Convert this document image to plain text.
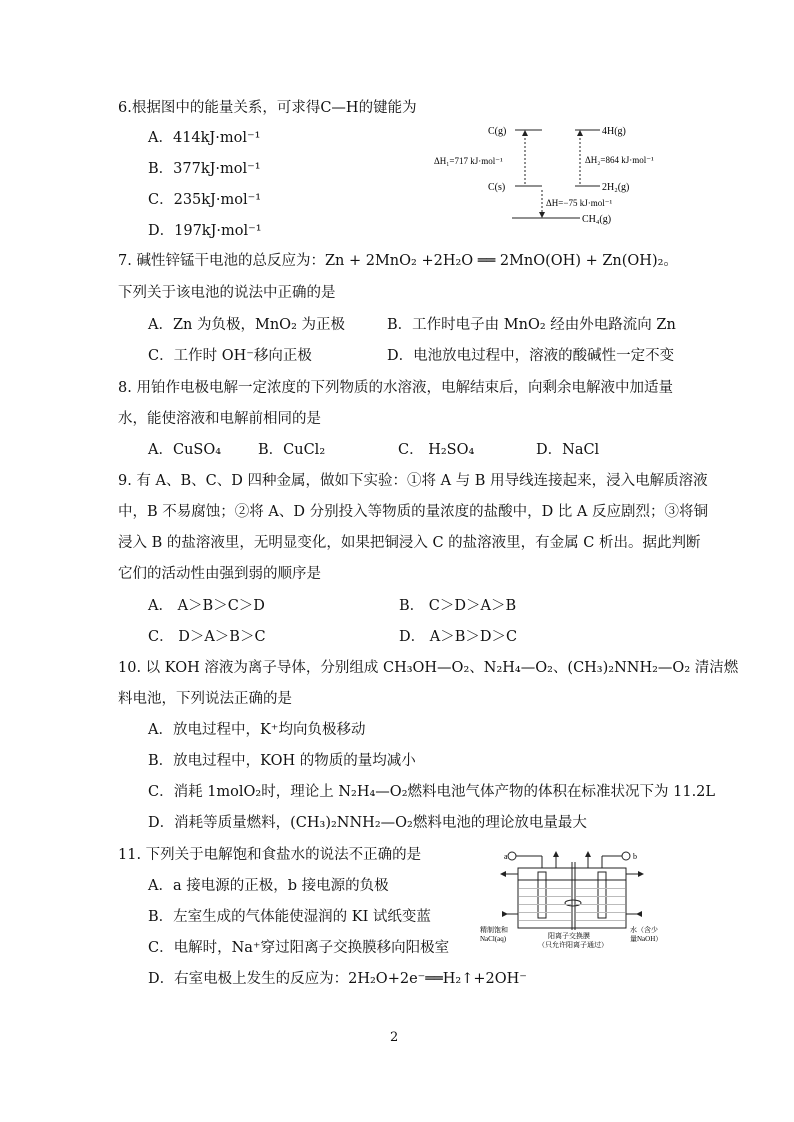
6.根据图中的能量关系，可求得C—H的键能为
A．414kJ·mol⁻¹
B．377kJ·mol⁻¹
C．235kJ·mol⁻¹
D．197kJ·mol⁻¹
C(g)	4H(g)
C(s)	2H₂(g)
CH₄(g)
ΔH₁=717 kJ·mol⁻¹	ΔH₂=864 kJ·mol⁻¹
ΔH=−75 kJ·mol⁻¹
7. 碱性锌锰干电池的总反应为：Zn + 2MnO₂ +2H₂O ══ 2MnO(OH) + Zn(OH)₂。
下列关于该电池的说法中正确的是
A．Zn 为负极，MnO₂ 为正极	B．工作时电子由 MnO₂ 经由外电路流向 Zn
C．工作时 OH⁻移向正极	D．电池放电过程中，溶液的酸碱性一定不变
8. 用铂作电极电解一定浓度的下列物质的水溶液，电解结束后，向剩余电解液中加适量
水，能使溶液和电解前相同的是
A．CuSO₄	B．CuCl₂	C． H₂SO₄	D．NaCl
9. 有 A、B、C、D 四种金属，做如下实验：①将 A 与 B 用导线连接起来，浸入电解质溶液
中，B 不易腐蚀；②将 A、D 分别投入等物质的量浓度的盐酸中，D 比 A 反应剧烈；③将铜
浸入 B 的盐溶液里，无明显变化，如果把铜浸入 C 的盐溶液里，有金属 C 析出。据此判断
它们的活动性由强到弱的顺序是
A． A＞B＞C＞D	B． C＞D＞A＞B
C． D＞A＞B＞C	D． A＞B＞D＞C
10. 以 KOH 溶液为离子导体，分别组成 CH₃OH—O₂、N₂H₄—O₂、(CH₃)₂NNH₂—O₂ 清洁燃
料电池，下列说法正确的是
A．放电过程中，K⁺均向负极移动
B．放电过程中，KOH 的物质的量均减小
C．消耗 1molO₂时，理论上 N₂H₄—O₂燃料电池气体产物的体积在标准状况下为 11.2L
D．消耗等质量燃料，(CH₃)₂NNH₂—O₂燃料电池的理论放电量最大
11. 下列关于电解饱和食盐水的说法不正确的是
A．a 接电源的正极，b 接电源的负极
B．左室生成的气体能使湿润的 KI 试纸变蓝
C．电解时，Na⁺穿过阳离子交换膜移向阳极室
D．右室电极上发生的反应为：2H₂O+2e⁻══H₂↑+2OH⁻
a	b
精制饱和
NaCl(aq)	阳离子交换膜
（只允许阳离子通过）
水（含少
量NaOH）
2
